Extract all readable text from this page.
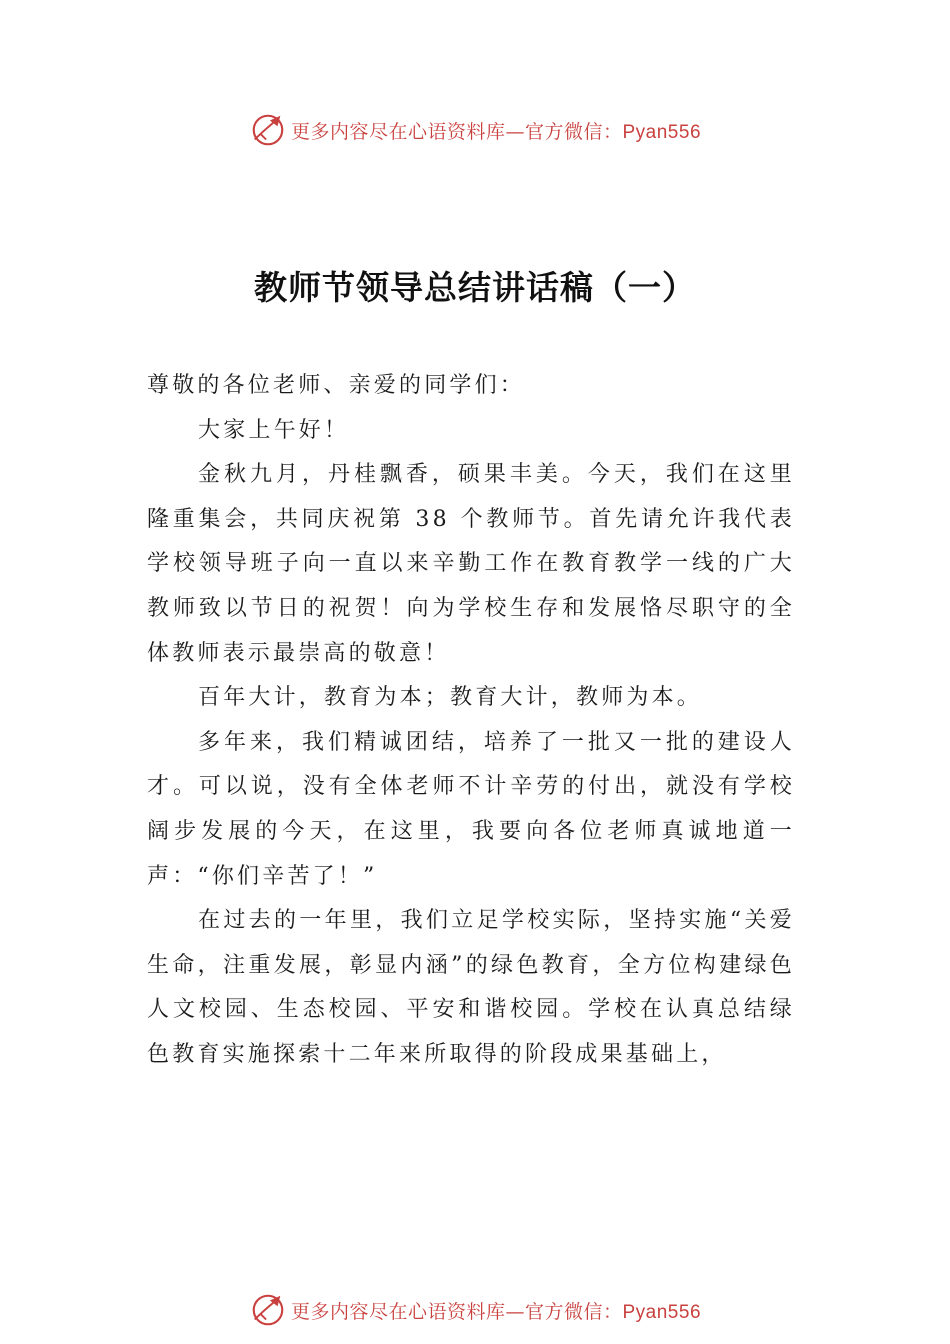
更多内容尽在心语资料库—官方微信：Pyan556
教师节领导总结讲话稿（一）

尊敬的各位老师、亲爱的同学们：

大家上午好！

金秋九月，丹桂飘香，硕果丰美。今天，我们在这里隆重集会，共同庆祝第 38 个教师节。首先请允许我代表学校领导班子向一直以来辛勤工作在教育教学一线的广大教师致以节日的祝贺！向为学校生存和发展恪尽职守的全体教师表示最崇高的敬意！

百年大计，教育为本；教育大计，教师为本。

多年来，我们精诚团结，培养了一批又一批的建设人才。可以说，没有全体老师不计辛劳的付出，就没有学校阔步发展的今天，在这里，我要向各位老师真诚地道一声：“你们辛苦了！”

在过去的一年里，我们立足学校实际，坚持实施“关爱生命，注重发展，彰显内涵”的绿色教育，全方位构建绿色人文校园、生态校园、平安和谐校园。学校在认真总结绿色教育实施探索十二年来所取得的阶段成果基础上，

更多内容尽在心语资料库—官方微信：Pyan556
